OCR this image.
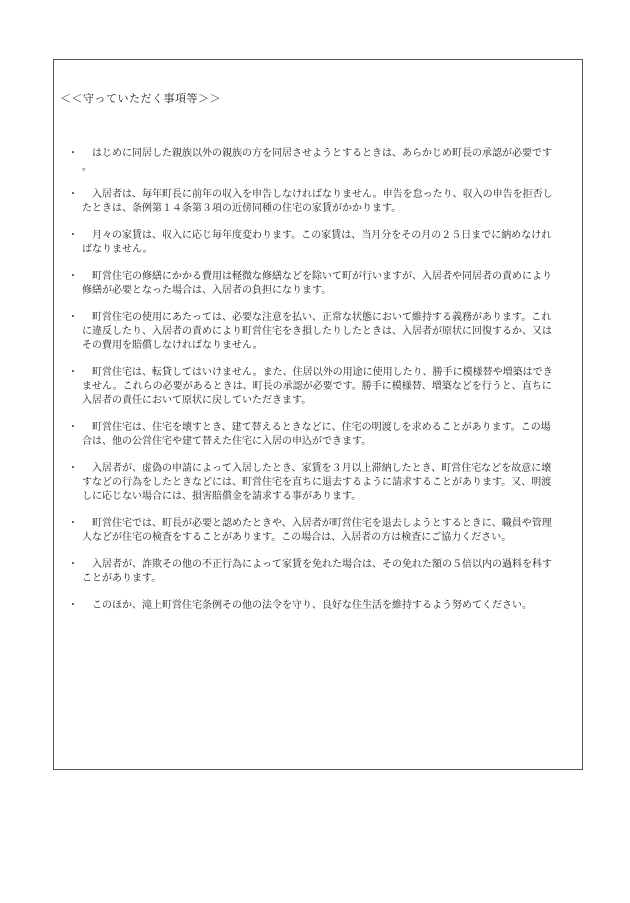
＜＜守っていただく事項等＞＞
・ 　はじめに同居した親族以外の親族の方を同居させようとするときは、あらかじめ町長の承認が必要です。
・ 　入居者は、毎年町長に前年の収入を申告しなければなりません。申告を怠ったり、収入の申告を拒否したときは、条例第１４条第３項の近傍同種の住宅の家賃がかかります。
・ 　月々の家賃は、収入に応じ毎年度変わります。この家賃は、当月分をその月の２５日までに納めなければなりません。
・ 　町営住宅の修繕にかかる費用は軽微な修繕などを除いて町が行いますが、入居者や同居者の責めにより修繕が必要となった場合は、入居者の負担になります。
・ 　町営住宅の使用にあたっては、必要な注意を払い、正常な状態において維持する義務があります。これに違反したり、入居者の責めにより町営住宅をき損したりしたときは、入居者が原状に回復するか、又はその費用を賠償しなければなりません。
・ 　町営住宅は、転貸してはいけません。また、住居以外の用途に使用したり、勝手に模様替や増築はできません。これらの必要があるときは、町長の承認が必要です。勝手に模様替、増築などを行うと、直ちに入居者の責任において原状に戻していただきます。
・ 　町営住宅は、住宅を壊すとき、建て替えるときなどに、住宅の明渡しを求めることがあります。この場合は、他の公営住宅や建て替えた住宅に入居の申込ができます。
・ 　入居者が、虚偽の申請によって入居したとき、家賃を３月以上滞納したとき、町営住宅などを故意に壊すなどの行為をしたときなどには、町営住宅を直ちに退去するように請求することがあります。又、明渡しに応じない場合には、損害賠償金を請求する事があります。
・ 　町営住宅では、町長が必要と認めたときや、入居者が町営住宅を退去しようとするときに、職員や管理人などが住宅の検査をすることがあります。この場合は、入居者の方は検査にご協力ください。
・ 　入居者が、詐欺その他の不正行為によって家賃を免れた場合は、その免れた額の５倍以内の過料を科すことがあります。
・ 　このほか、滝上町営住宅条例その他の法令を守り、良好な住生活を維持するよう努めてください。
